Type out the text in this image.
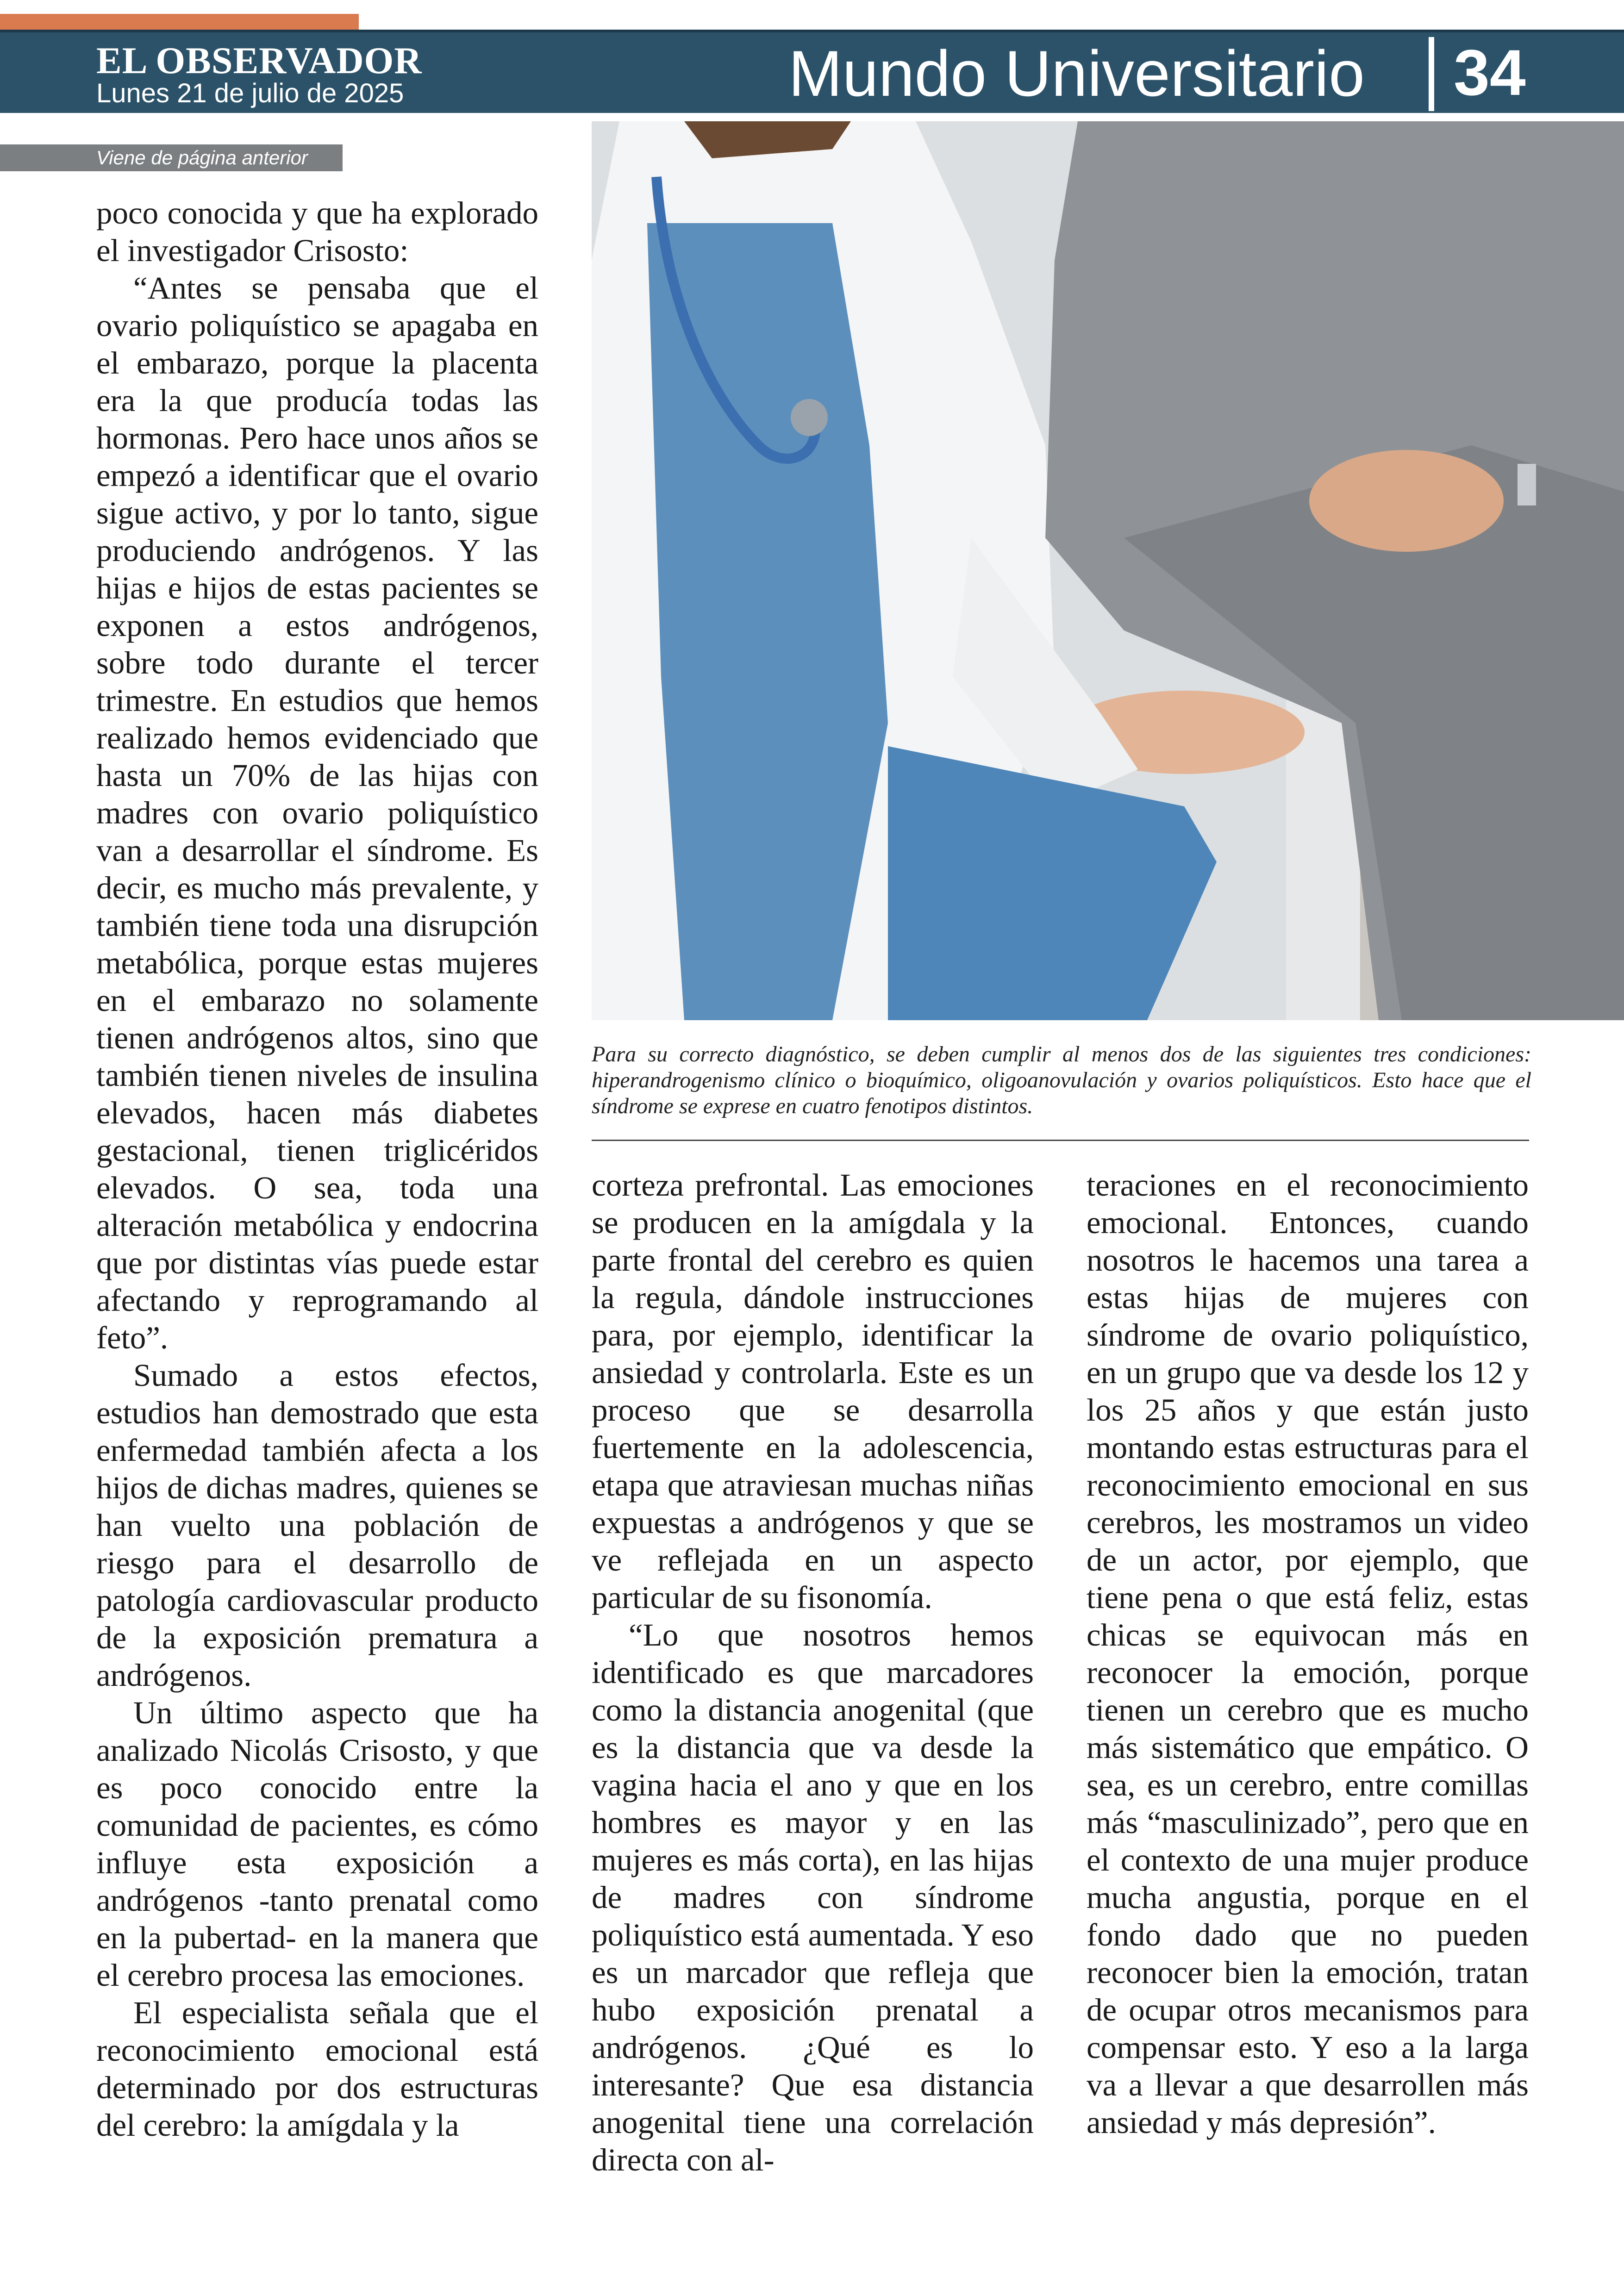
EL OBSERVADOR
Lunes 21 de julio de 2025	Mundo Universitario 34
Viene de página anterior

poco conocida y que ha explorado el investigador Crisosto:

“Antes se pensaba que el ovario poliquístico se apagaba en el embarazo, porque la placenta era la que producía todas las hormonas. Pero hace unos años se empezó a identificar que el ovario sigue activo, y por lo tanto, sigue produciendo andrógenos. Y las hijas e hijos de estas pacientes se exponen a estos andrógenos, sobre todo durante el tercer trimestre. En estudios que hemos realizado hemos evidenciado que hasta un 70% de las hijas con madres con ovario poliquístico van a desarrollar el síndrome. Es decir, es mucho más prevalente, y también tiene toda una disrupción metabólica, porque estas mujeres en el embarazo no solamente tienen andrógenos altos, sino que también tienen niveles de insulina elevados, hacen más diabetes gestacional, tienen triglicéridos elevados. O sea, toda una alteración metabólica y endocrina que por distintas vías puede estar afectando y reprogramando al feto”.

Sumado a estos efectos, estudios han demostrado que esta enfermedad también afecta a los hijos de dichas madres, quienes se han vuelto una población de riesgo para el desarrollo de patología cardiovascular producto de la exposición prematura a andrógenos.

Un último aspecto que ha analizado Nicolás Crisosto, y que es poco conocido entre la comunidad de pacientes, es cómo influye esta exposición a andrógenos -tanto prenatal como en la pubertad- en la manera que el cerebro procesa las emociones.

El especialista señala que el reconocimiento emocional está determinado por dos estructuras del cerebro: la amígdala y la

Para su correcto diagnóstico, se deben cumplir al menos dos de las siguientes tres condiciones: hiperandrogenismo clínico o bioquímico, oligoanovulación y ovarios poliquísticos. Esto hace que el síndrome se exprese en cuatro fenotipos distintos.

corteza prefrontal. Las emociones se producen en la amígdala y la parte frontal del cerebro es quien la regula, dándole instrucciones para, por ejemplo, identificar la ansiedad y controlarla. Este es un proceso que se desarrolla fuertemente en la adolescencia, etapa que atraviesan muchas niñas expuestas a andrógenos y que se ve reflejada en un aspecto particular de su fisonomía.

“Lo que nosotros hemos identificado es que marcadores como la distancia anogenital (que es la distancia que va desde la vagina hacia el ano y que en los hombres es mayor y en las mujeres es más corta), en las hijas de madres con síndrome poliquístico está aumentada. Y eso es un marcador que refleja que hubo exposición prenatal a andrógenos. ¿Qué es lo interesante? Que esa distancia anogenital tiene una correlación directa con al-

teraciones en el reconocimiento emocional. Entonces, cuando nosotros le hacemos una tarea a estas hijas de mujeres con síndrome de ovario poliquístico, en un grupo que va desde los 12 y los 25 años y que están justo montando estas estructuras para el reconocimiento emocional en sus cerebros, les mostramos un video de un actor, por ejemplo, que tiene pena o que está feliz, estas chicas se equivocan más en reconocer la emoción, porque tienen un cerebro que es mucho más sistemático que empático. O sea, es un cerebro, entre comillas más “masculinizado”, pero que en el contexto de una mujer produce mucha angustia, porque en el fondo dado que no pueden reconocer bien la emoción, tratan de ocupar otros mecanismos para compensar esto. Y eso a la larga va a llevar a que desarrollen más ansiedad y más depresión”.
